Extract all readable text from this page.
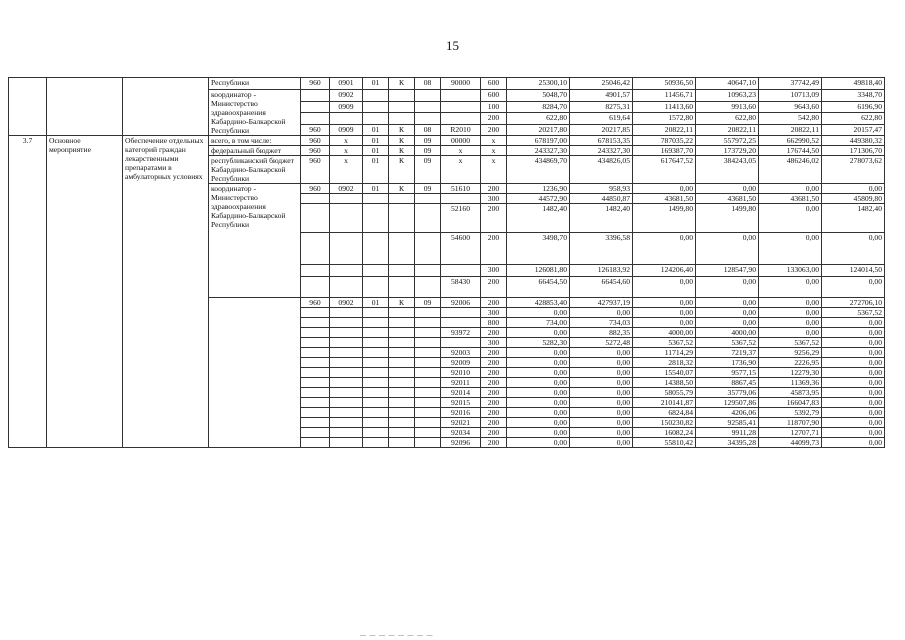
15
			Республики	960	0901	01	К	08	90000	600	25300,10	25046,42	50936,50	40647,10	37742,49	49818,40
			координатор - Министерство здравоохранения Кабардино-Балкарской Республики		0902					600	5048,70	4901,57	11456,71	10963,23	10713,09	3348,70
					0909					100	8284,70	8275,31	11413,60	9913,60	9643,60	6196,90
										200	622,80	619,64	1572,80	622,80	542,80	622,80
				960	0909	01	К	08	R2010	200	20217,80	20217,85	20822,11	20822,11	20822,11	20157,47
3.7	Основное мероприятие	Обеспечение отдельных категорий граждан лекарственными препаратами в амбулаторных условиях	всего, в том числе:	960	х	01	К	09	00000	х	678197,00	678153,35	787035,22	557972,25	662990,52	449380,32
			федеральный бюджет	960	х	01	К	09	х	х	243327,30	243327,30	169387,70	173729,20	176744,50	171306,70
			республиканский бюджет Кабардино-Балкарской Республики	960	х	01	К	09	х	х	434869,70	434826,05	617647,52	384243,05	486246,02	278073,62
			координатор - Министерство здравоохранения Кабардино-Балкарской Республики	960	0902	01	К	09	51610	200	1236,90	958,93	0,00	0,00	0,00	0,00
										300	44572,90	44850,87	43681,50	43681,50	43681,50	45809,80
									52160	200	1482,40	1482,40	1499,80	1499,80	0,00	1482,40
									54600	200	3498,70	3396,58	0,00	0,00	0,00	0,00
										300	126081,80	126183,92	124206,40	128547,90	133063,00	124014,50
									58430	200	66454,50	66454,60	0,00	0,00	0,00	0,00
				960	0902	01	К	09	92006	200	428853,40	427937,19	0,00	0,00	0,00	272706,10
										300	0,00	0,00	0,00	0,00	0,00	5367,52
										800	734,00	734,03	0,00	0,00	0,00	0,00
									93972	200	0,00	882,35	4000,00	4000,00	0,00	0,00
										300	5282,30	5272,48	5367,52	5367,52	5367,52	0,00
									92003	200	0,00	0,00	11714,29	7219,37	9256,29	0,00
									92009	200	0,00	0,00	2818,32	1736,90	2226,95	0,00
									92010	200	0,00	0,00	15540,07	9577,15	12279,30	0,00
									92011	200	0,00	0,00	14388,50	8867,45	11369,36	0,00
									92014	200	0,00	0,00	58055,79	35779,06	45873,95	0,00
									92015	200	0,00	0,00	210141,87	129507,86	166047,83	0,00
									92016	200	0,00	0,00	6824,84	4206,06	5392,79	0,00
									92021	200	0,00	0,00	150230,82	92585,41	118707,90	0,00
									92034	200	0,00	0,00	16082,24	9911,28	12707,71	0,00
									92096	200	0,00	0,00	55810,42	34395,28	44099,73	0,00
— — — — — — — —
